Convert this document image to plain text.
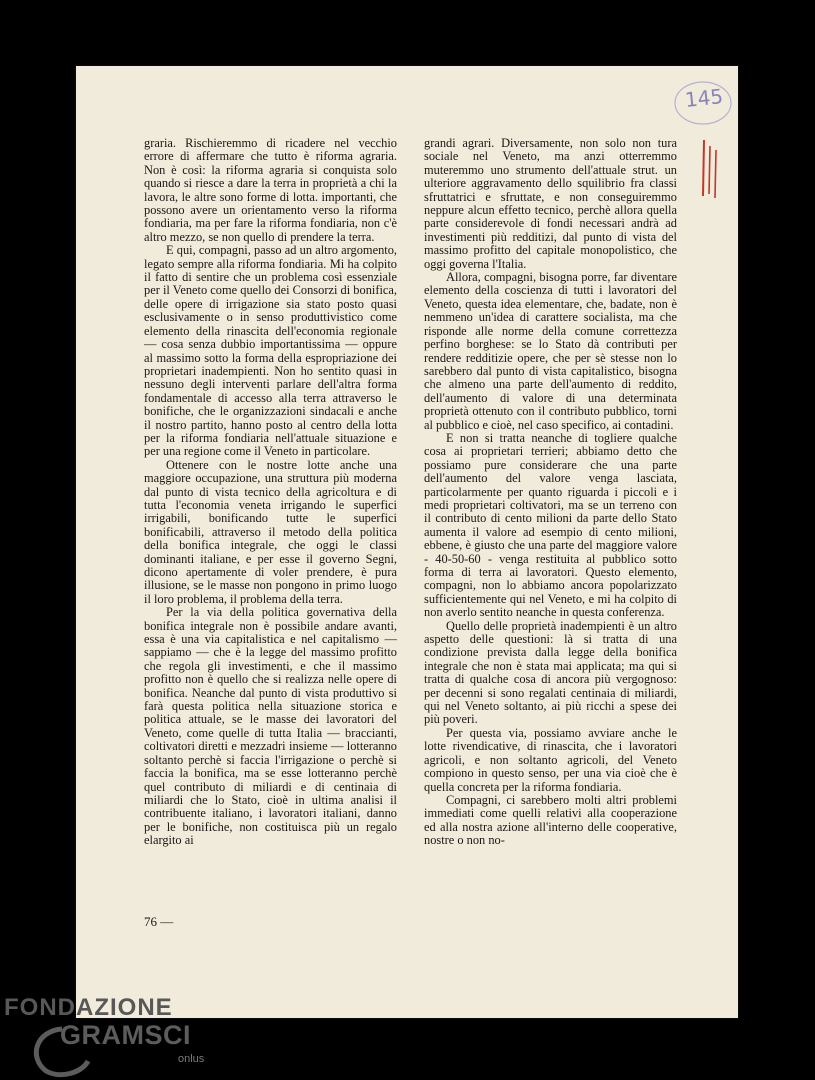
145

graria. Rischieremmo di ricadere nel vecchio errore di affermare che tutto è riforma agraria. Non è così: la riforma agraria si conquista solo quando si riesce a dare la terra in proprietà a chi la lavora, le altre sono forme di lotta. importanti, che possono avere un orientamento verso la riforma fondiaria, ma per fare la riforma fondiaria, non c'è altro mezzo, se non quello di prendere la terra.

E qui, compagni, passo ad un altro argomento, legato sempre alla riforma fondiaria. Mi ha colpito il fatto di sentire che un problema così essenziale per il Veneto come quello dei Consorzi di bonifica, delle opere di irrigazione sia stato posto quasi esclusivamente o in senso produttivistico come elemento della rinascita dell'economia regionale — cosa senza dubbio importantissima — oppure al massimo sotto la forma della espropriazione dei proprietari inadempienti. Non ho sentito quasi in nessuno degli interventi parlare dell'altra forma fondamentale di accesso alla terra attraverso le bonifiche, che le organizzazioni sindacali e anche il nostro partito, hanno posto al centro della lotta per la riforma fondiaria nell'attuale situazione e per una regione come il Veneto in particolare.

Ottenere con le nostre lotte anche una maggiore occupazione, una struttura più moderna dal punto di vista tecnico della agricoltura e di tutta l'economia veneta irrigando le superfici irrigabili, bonificando tutte le superfici bonificabili, attraverso il metodo della politica della bonifica integrale, che oggi le classi dominanti italiane, e per esse il governo Segni, dicono apertamente di voler prendere, è pura illusione, se le masse non pongono in primo luogo il loro problema, il problema della terra.

Per la via della politica governativa della bonifica integrale non è possibile andare avanti, essa è una via capitalistica e nel capitalismo — sappiamo — che è la legge del massimo profitto che regola gli investimenti, e che il massimo profitto non è quello che si realizza nelle opere di bonifica. Neanche dal punto di vista produttivo si farà questa politica nella situazione storica e politica attuale, se le masse dei lavoratori del Veneto, come quelle di tutta Italia — braccianti, coltivatori diretti e mezzadri insieme — lotteranno soltanto perchè si faccia l'irrigazione o perchè si faccia la bonifica, ma se esse lotteranno perchè quel contributo di miliardi e di centinaia di miliardi che lo Stato, cioè in ultima analisi il contribuente italiano, i lavoratori italiani, danno per le bonifiche, non costituisca più un regalo elargito ai

grandi agrari. Diversamente, non solo non tura sociale nel Veneto, ma anzi otterremmo muteremmo uno strumento dell'attuale strut. un ulteriore aggravamento dello squilibrio fra classi sfruttatrici e sfruttate, e non conseguiremmo neppure alcun effetto tecnico, perchè allora quella parte considerevole di fondi necessari andrà ad investimenti più redditizi, dal punto di vista del massimo profitto del capitale monopolistico, che oggi governa l'Italia.

Allora, compagni, bisogna porre, far diventare elemento della coscienza di tutti i lavoratori del Veneto, questa idea elementare, che, badate, non è nemmeno un'idea di carattere socialista, ma che risponde alle norme della comune correttezza perfino borghese: se lo Stato dà contributi per rendere redditizie opere, che per sè stesse non lo sarebbero dal punto di vista capitalistico, bisogna che almeno una parte dell'aumento di reddito, dell'aumento di valore di una determinata proprietà ottenuto con il contributo pubblico, torni al pubblico e cioè, nel caso specifico, ai contadini.

E non si tratta neanche di togliere qualche cosa ai proprietari terrieri; abbiamo detto che possiamo pure considerare che una parte dell'aumento del valore venga lasciata, particolarmente per quanto riguarda i piccoli e i medi proprietari coltivatori, ma se un terreno con il contributo di cento milioni da parte dello Stato aumenta il valore ad esempio di cento milioni, ebbene, è giusto che una parte del maggiore valore - 40-50-60 - venga restituita al pubblico sotto forma di terra ai lavoratori. Questo elemento, compagni, non lo abbiamo ancora popolarizzato sufficientemente qui nel Veneto, e mi ha colpito di non averlo sentito neanche in questa conferenza.

Quello delle proprietà inadempienti è un altro aspetto delle questioni: là si tratta di una condizione prevista dalla legge della bonifica integrale che non è stata mai applicata; ma qui si tratta di qualche cosa di ancora più vergognoso: per decenni si sono regalati centinaia di miliardi, qui nel Veneto soltanto, ai più ricchi a spese dei più poveri.

Per questa via, possiamo avviare anche le lotte rivendicative, di rinascita, che i lavoratori agricoli, e non soltanto agricoli, del Veneto compiono in questo senso, per una via cioè che è quella concreta per la riforma fondiaria.

Compagni, ci sarebbero molti altri problemi immediati come quelli relativi alla cooperazione ed alla nostra azione all'interno delle cooperative, nostre o non no-

76 —
FONDAZIONE
GRAMSCI
onlus
